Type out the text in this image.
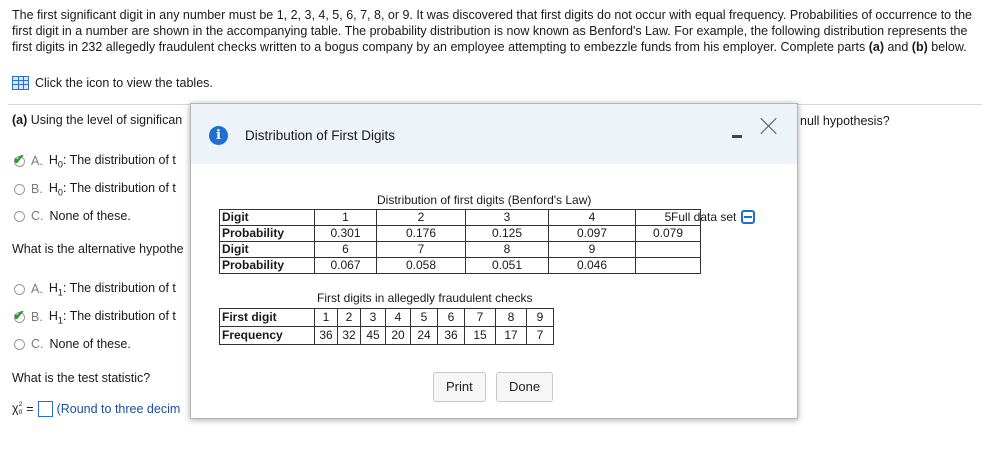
The first significant digit in any number must be 1, 2, 3, 4, 5, 6, 7, 8, or 9. It was discovered that first digits do not occur with equal frequency. Probabilities of occurrence to the first digit in a number are shown in the accompanying table. The probability distribution is now known as Benford's Law. For example, the following distribution represents the first digits in 232 allegedly fraudulent checks written to a bogus company by an employee attempting to embezzle funds from his employer. Complete parts (a) and (b) below.
Click the icon to view the tables.
(a) Using the level of significan	null hypothesis?
✔ A. $H_0$: The distribution of t
B. $H_0$: The distribution of t
C. None of these.
What is the alternative hypothe
A. $H_1$: The distribution of t
✔ B. $H_1$: The distribution of t
C. None of these.
What is the test statistic?
χ 2
0 = (Round to three decim
i	Distribution of First Digits
Distribution of first digits (Benford's Law)
Digit	1	2	3	4	5
Probability	0.301	0.176	0.125	0.097	0.079
Digit	6	7	8	9	
Probability	0.067	0.058	0.051	0.046	
Full data set
First digits in allegedly fraudulent checks
First digit	1	2	3	4	5	6	7	8	9
Frequency	36	32	45	20	24	36	15	17	7
Print	Done
